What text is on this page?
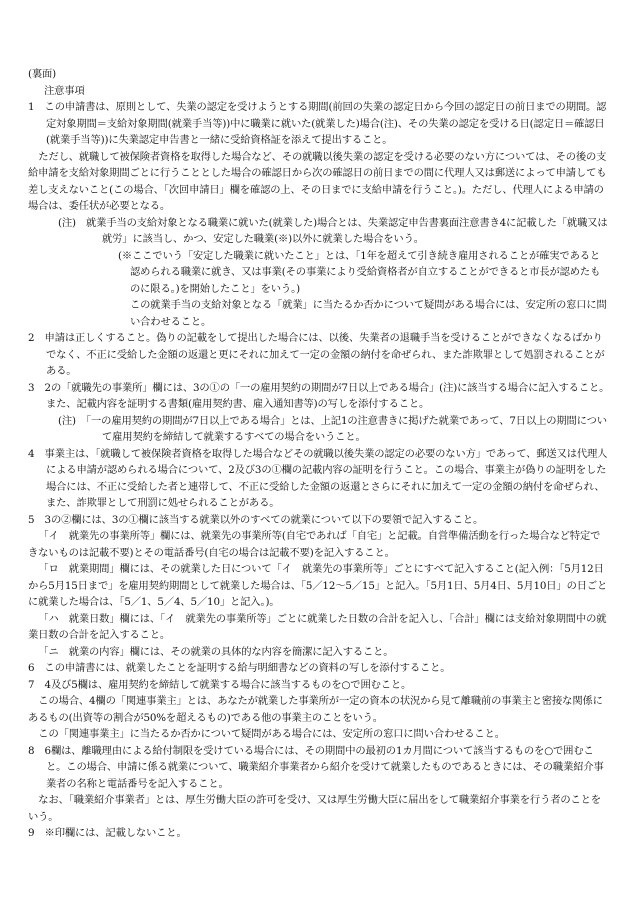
(裏面)

注意事項

1　この申請書は、原則として、失業の認定を受けようとする期間(前回の失業の認定日から今回の認定日の前日までの期間。認定対象期間＝支給対象期間(就業手当等))中に職業に就いた(就業した)場合(注)、その失業の認定を受ける日(認定日＝確認日(就業手当等))に失業認定申告書と一緒に受給資格証を添えて提出すること。

ただし、就職して被保険者資格を取得した場合など、その就職以後失業の認定を受ける必要のない方については、その後の支給申請を支給対象期間ごとに行うこととした場合の確認日から次の確認日の前日までの間に代理人又は郵送によって申請しても差し支えないこと(この場合、「次回申請日」欄を確認の上、その日までに支給申請を行うこと。)。ただし、代理人による申請の場合は、委任状が必要となる。

(注)　就業手当の支給対象となる職業に就いた(就業した)場合とは、失業認定申告書裏面注意書き4に記載した「就職又は就労」に該当し、かつ、安定した職業(※)以外に就業した場合をいう。

(※ここでいう「安定した職業に就いたこと」とは、「1年を超えて引き続き雇用されることが確実であると認められる職業に就き、又は事業(その事業により受給資格者が自立することができると市長が認めたものに限る。)を開始したこと」をいう。)

この就業手当の支給対象となる「就業」に当たるか否かについて疑問がある場合には、安定所の窓口に問い合わせること。

2　申請は正しくすること。偽りの記載をして提出した場合には、以後、失業者の退職手当を受けることができなくなるばかりでなく、不正に受給した金額の返還と更にそれに加えて一定の金額の納付を命ぜられ、また詐欺罪として処罰されることがある。

3　2の「就職先の事業所」欄には、3の①の「一の雇用契約の期間が7日以上である場合」(注)に該当する場合に記入すること。また、記載内容を証明する書類(雇用契約書、雇入通知書等)の写しを添付すること。

(注)　「一の雇用契約の期間が7日以上である場合」とは、上記1の注意書きに掲げた就業であって、7日以上の期間について雇用契約を締結して就業するすべての場合をいうこと。

4　事業主は、「就職して被保険者資格を取得した場合などその就職以後失業の認定の必要のない方」であって、郵送又は代理人による申請が認められる場合について、2及び3の①欄の記載内容の証明を行うこと。この場合、事業主が偽りの証明をした場合には、不正に受給した者と連帯して、不正に受給した金額の返還とさらにそれに加えて一定の金額の納付を命ぜられ、また、詐欺罪として刑罰に処せられることがある。

5　3の②欄には、3の①欄に該当する就業以外のすべての就業について以下の要領で記入すること。

「イ　就業先の事業所等」欄には、就業先の事業所等(自宅であれば「自宅」と記載。自営準備活動を行った場合など特定できないものは記載不要)とその電話番号(自宅の場合は記載不要)を記入すること。

「ロ　就業期間」欄には、その就業した日について「イ　就業先の事業所等」ごとにすべて記入すること(記入例：「5月12日から5月15日まで」を雇用契約期間として就業した場合は、「5／12～5／15」と記入。「5月1日、5月4日、5月10日」の日ごとに就業した場合は、「5／1、5／4、5／10」と記入。)。

「ハ　就業日数」欄には、「イ　就業先の事業所等」ごとに就業した日数の合計を記入し、「合計」欄には支給対象期間中の就業日数の合計を記入すること。

「ニ　就業の内容」欄には、その就業の具体的な内容を簡潔に記入すること。

6　この申請書には、就業したことを証明する給与明細書などの資料の写しを添付すること。

7　4及び5欄は、雇用契約を締結して就業する場合に該当するものを○で囲むこと。

この場合、4欄の「関連事業主」とは、あなたが就業した事業所が一定の資本の状況から見て離職前の事業主と密接な関係にあるもの(出資等の割合が50%を超えるもの)である他の事業主のことをいう。

この「関連事業主」に当たるか否かについて疑問がある場合には、安定所の窓口に問い合わせること。

8　6欄は、離職理由による給付制限を受けている場合には、その期間中の最初の1カ月間について該当するものを○で囲むこと。この場合、申請に係る就業について、職業紹介事業者から紹介を受けて就業したものであるときには、その職業紹介事業者の名称と電話番号を記入すること。

なお、「職業紹介事業者」とは、厚生労働大臣の許可を受け、又は厚生労働大臣に届出をして職業紹介事業を行う者のことをいう。

9　※印欄には、記載しないこと。
